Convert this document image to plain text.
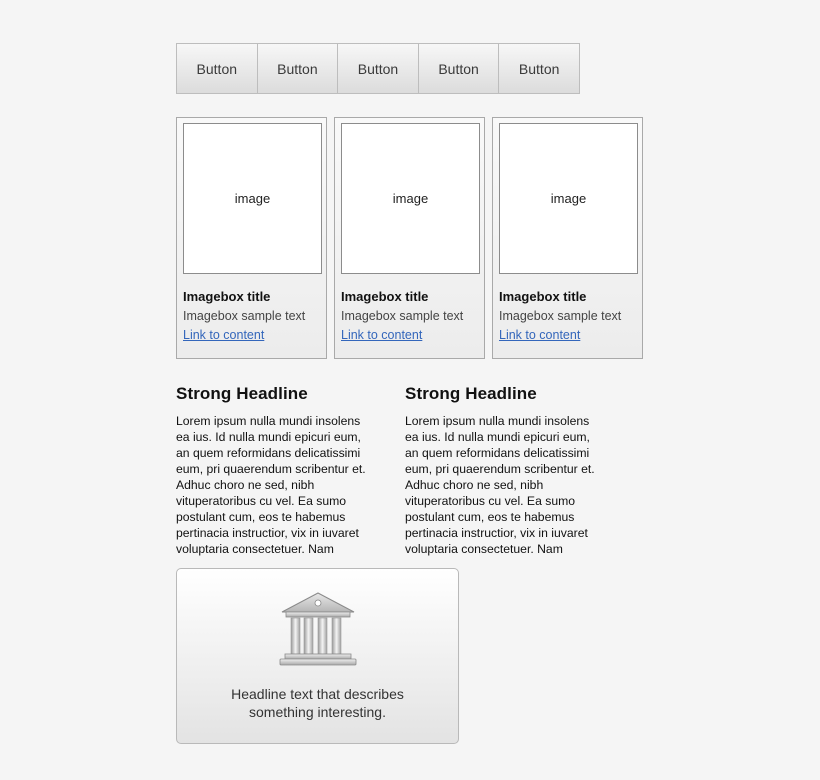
Button	Button	Button	Button	Button
image
Imagebox title
Imagebox sample text
Link to content
image
Imagebox title
Imagebox sample text
Link to content
image
Imagebox title
Imagebox sample text
Link to content
Strong Headline

Lorem ipsum nulla mundi insolens ea ius. Id nulla mundi epicuri eum, an quem reformidans delicatissimi eum, pri quaerendum scribentur et. Adhuc choro ne sed, nibh vituperatoribus cu vel. Ea sumo postulant cum, eos te habemus pertinacia instructior, vix in iuvaret voluptaria consectetuer. Nam

Strong Headline

Lorem ipsum nulla mundi insolens ea ius. Id nulla mundi epicuri eum, an quem reformidans delicatissimi eum, pri quaerendum scribentur et. Adhuc choro ne sed, nibh vituperatoribus cu vel. Ea sumo postulant cum, eos te habemus pertinacia instructior, vix in iuvaret voluptaria consectetuer. Nam

Headline text that describes something interesting.
